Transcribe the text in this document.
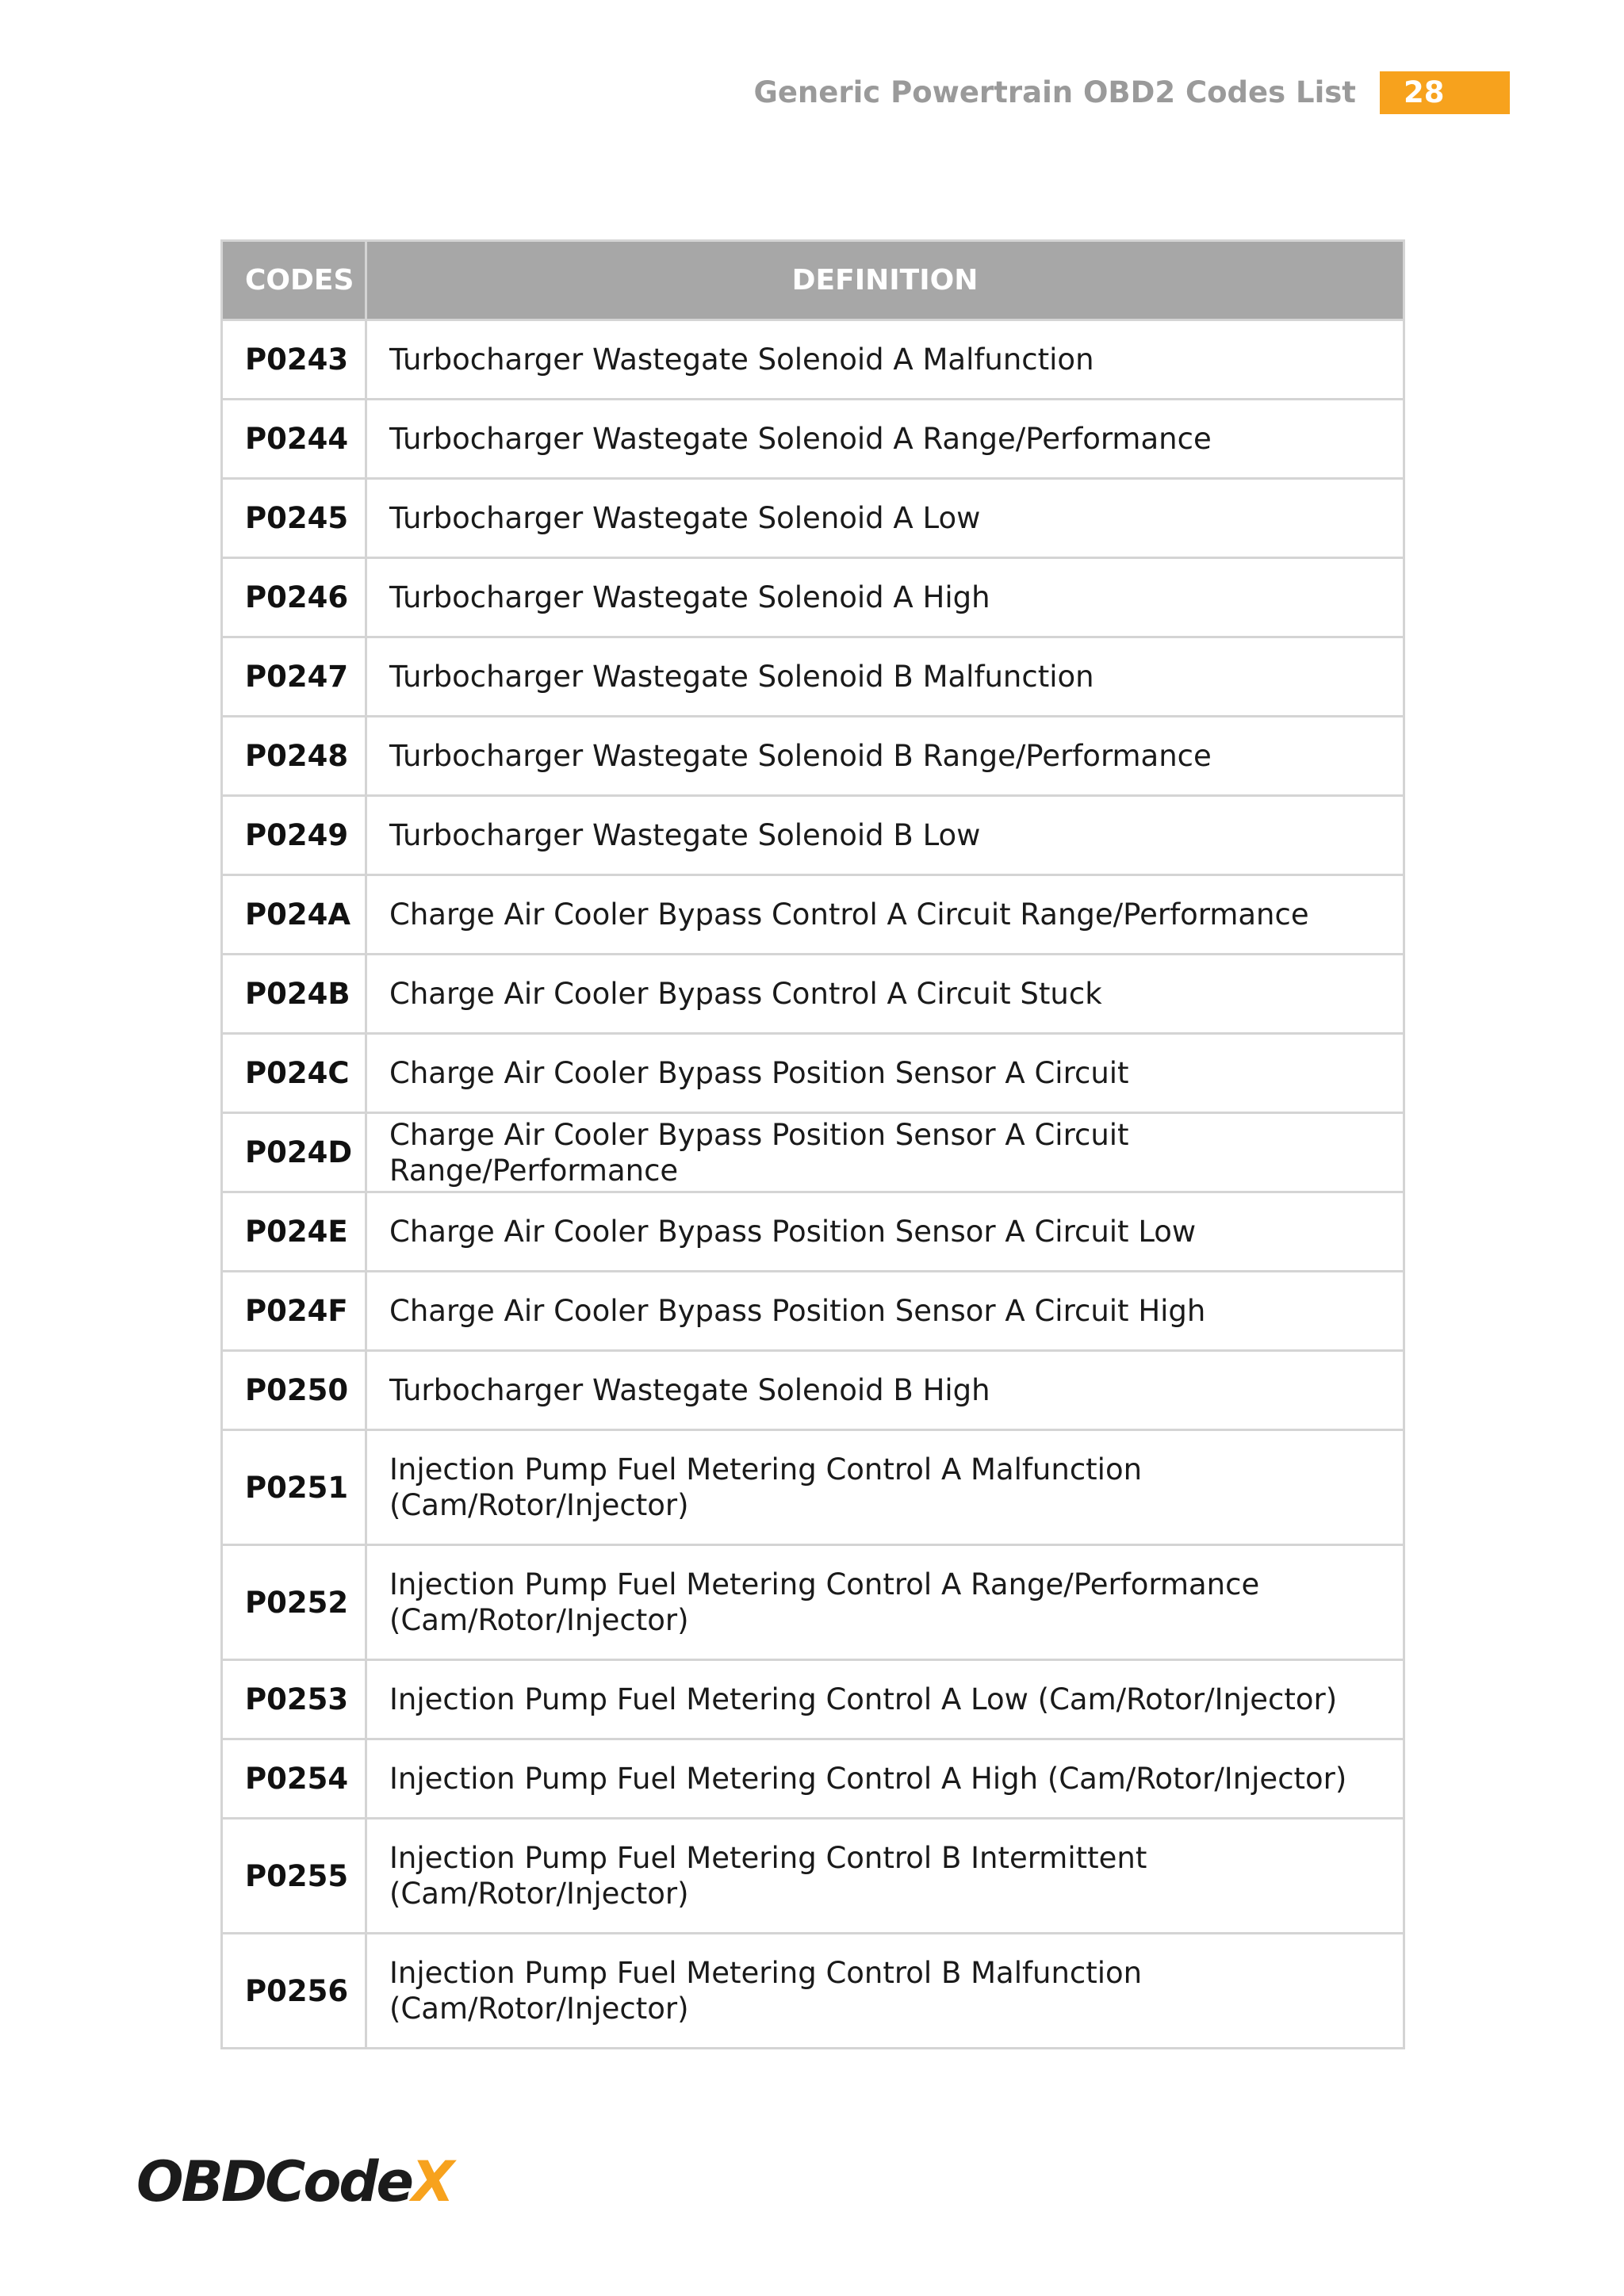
Generic Powertrain OBD2 Codes List	28
CODES	DEFINITION
P0243	Turbocharger Wastegate Solenoid A Malfunction
P0244	Turbocharger Wastegate Solenoid A Range/Performance
P0245	Turbocharger Wastegate Solenoid A Low
P0246	Turbocharger Wastegate Solenoid A High
P0247	Turbocharger Wastegate Solenoid B Malfunction
P0248	Turbocharger Wastegate Solenoid B Range/Performance
P0249	Turbocharger Wastegate Solenoid B Low
P024A	Charge Air Cooler Bypass Control A Circuit Range/Performance
P024B	Charge Air Cooler Bypass Control A Circuit Stuck
P024C	Charge Air Cooler Bypass Position Sensor A Circuit
P024D	Charge Air Cooler Bypass Position Sensor A Circuit Range/Performance
P024E	Charge Air Cooler Bypass Position Sensor A Circuit Low
P024F	Charge Air Cooler Bypass Position Sensor A Circuit High
P0250	Turbocharger Wastegate Solenoid B High
P0251	Injection Pump Fuel Metering Control A Malfunction
(Cam/Rotor/Injector)
P0252	Injection Pump Fuel Metering Control A Range/Performance
(Cam/Rotor/Injector)
P0253	Injection Pump Fuel Metering Control A Low (Cam/Rotor/Injector)
P0254	Injection Pump Fuel Metering Control A High (Cam/Rotor/Injector)
P0255	Injection Pump Fuel Metering Control B Intermittent
(Cam/Rotor/Injector)
P0256	Injection Pump Fuel Metering Control B Malfunction
(Cam/Rotor/Injector)
OBDCodeX
